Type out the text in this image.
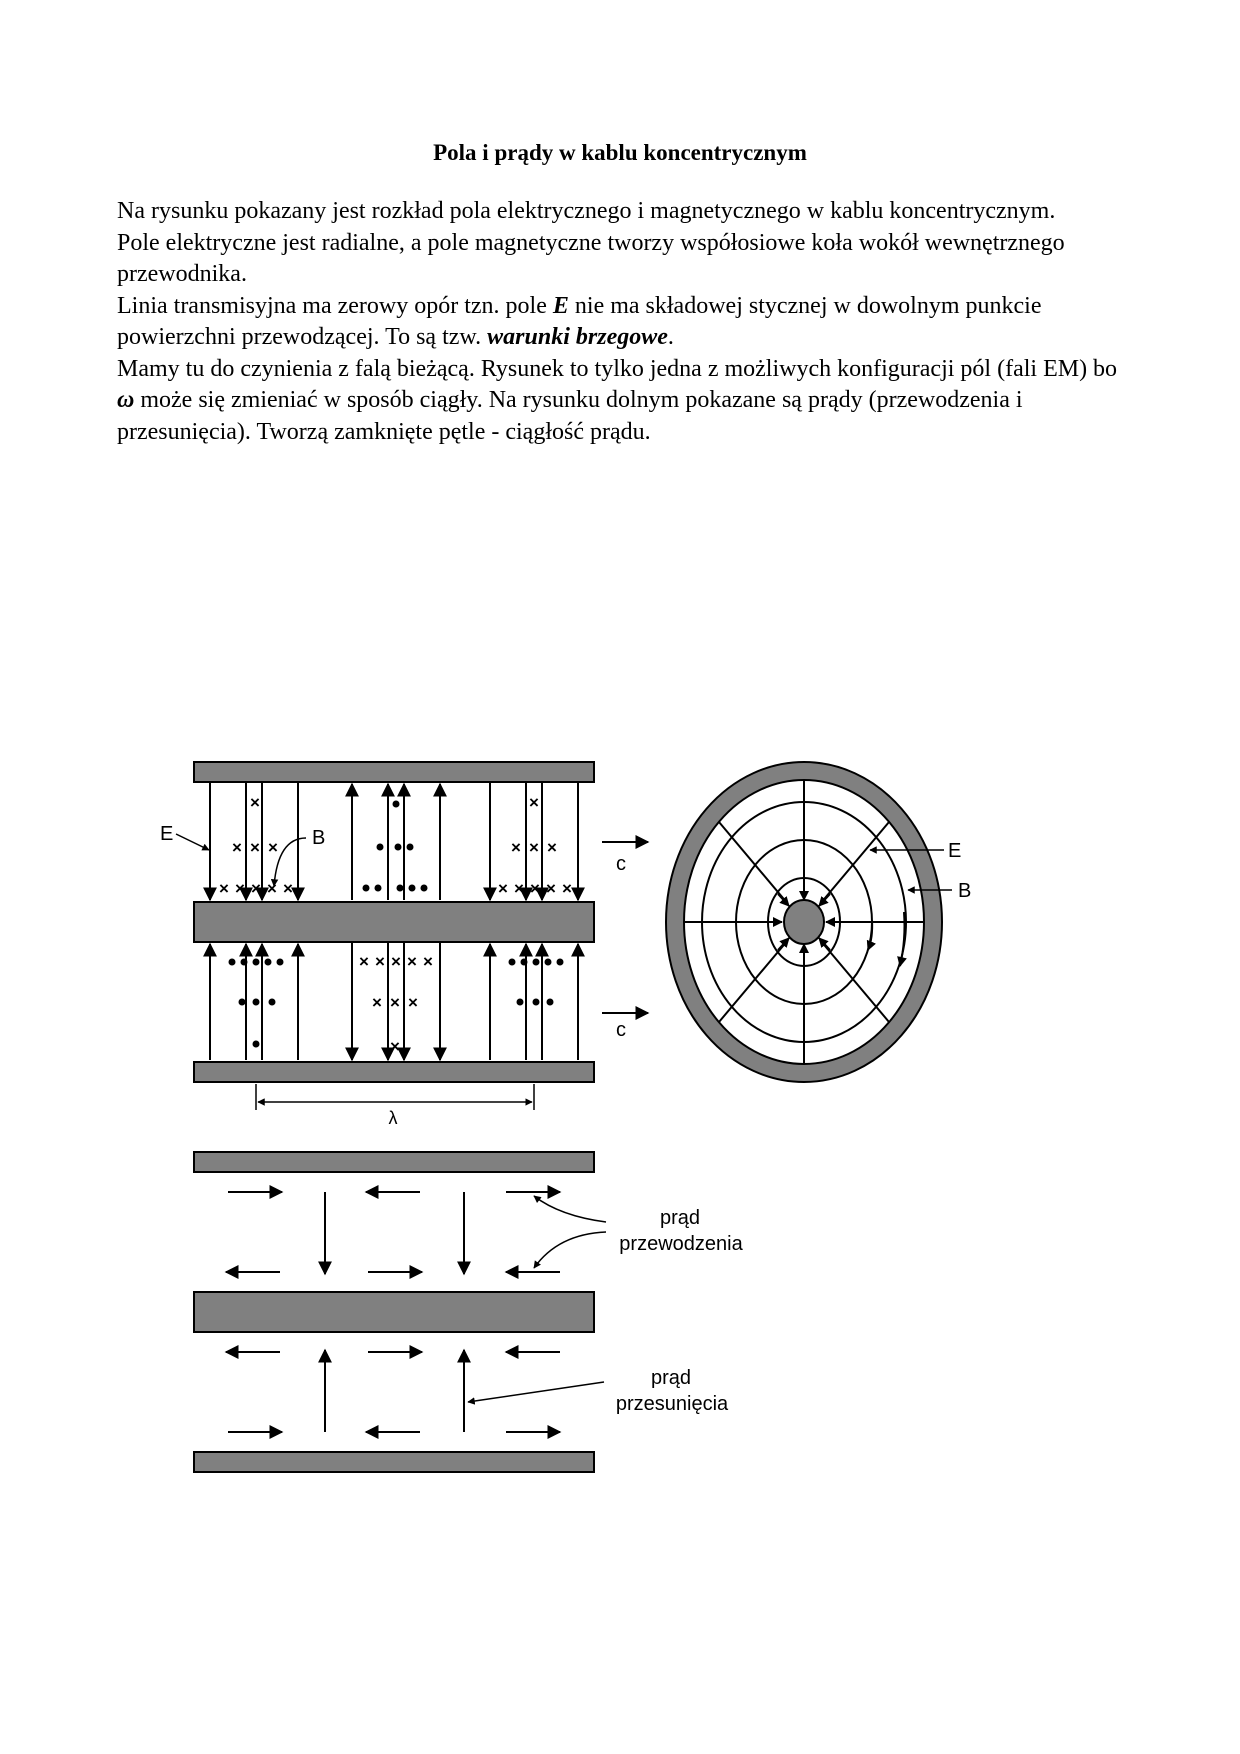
Pola i prądy w kablu koncentrycznym

Na rysunku pokazany jest rozkład pola elektrycznego i magnetycznego w kablu koncentrycznym.

Pole elektryczne jest radialne, a pole magnetyczne tworzy współosiowe koła wokół wewnętrznego przewodnika.

Linia transmisyjna ma zerowy opór tzn. pole E nie ma składowej stycznej w dowolnym punkcie powierzchni przewodzącej. To są tzw. warunki brzegowe.

Mamy tu do czynienia z falą bieżącą. Rysunek to tylko jedna z możliwych konfiguracji pól (fali EM) bo ω może się zmieniać w sposób ciągły. Na rysunku dolnym pokazane są prądy (przewodzenia i przesunięcia). Tworzą zamknięte pętle - ciągłość prądu.

×
× × ×
× × × × ×
×
× × ×
× × × × ×
× × × × ×
× × ×
×
E	B
c
c
λ
E
B
prąd
przewodzenia
prąd
przesunięcia
